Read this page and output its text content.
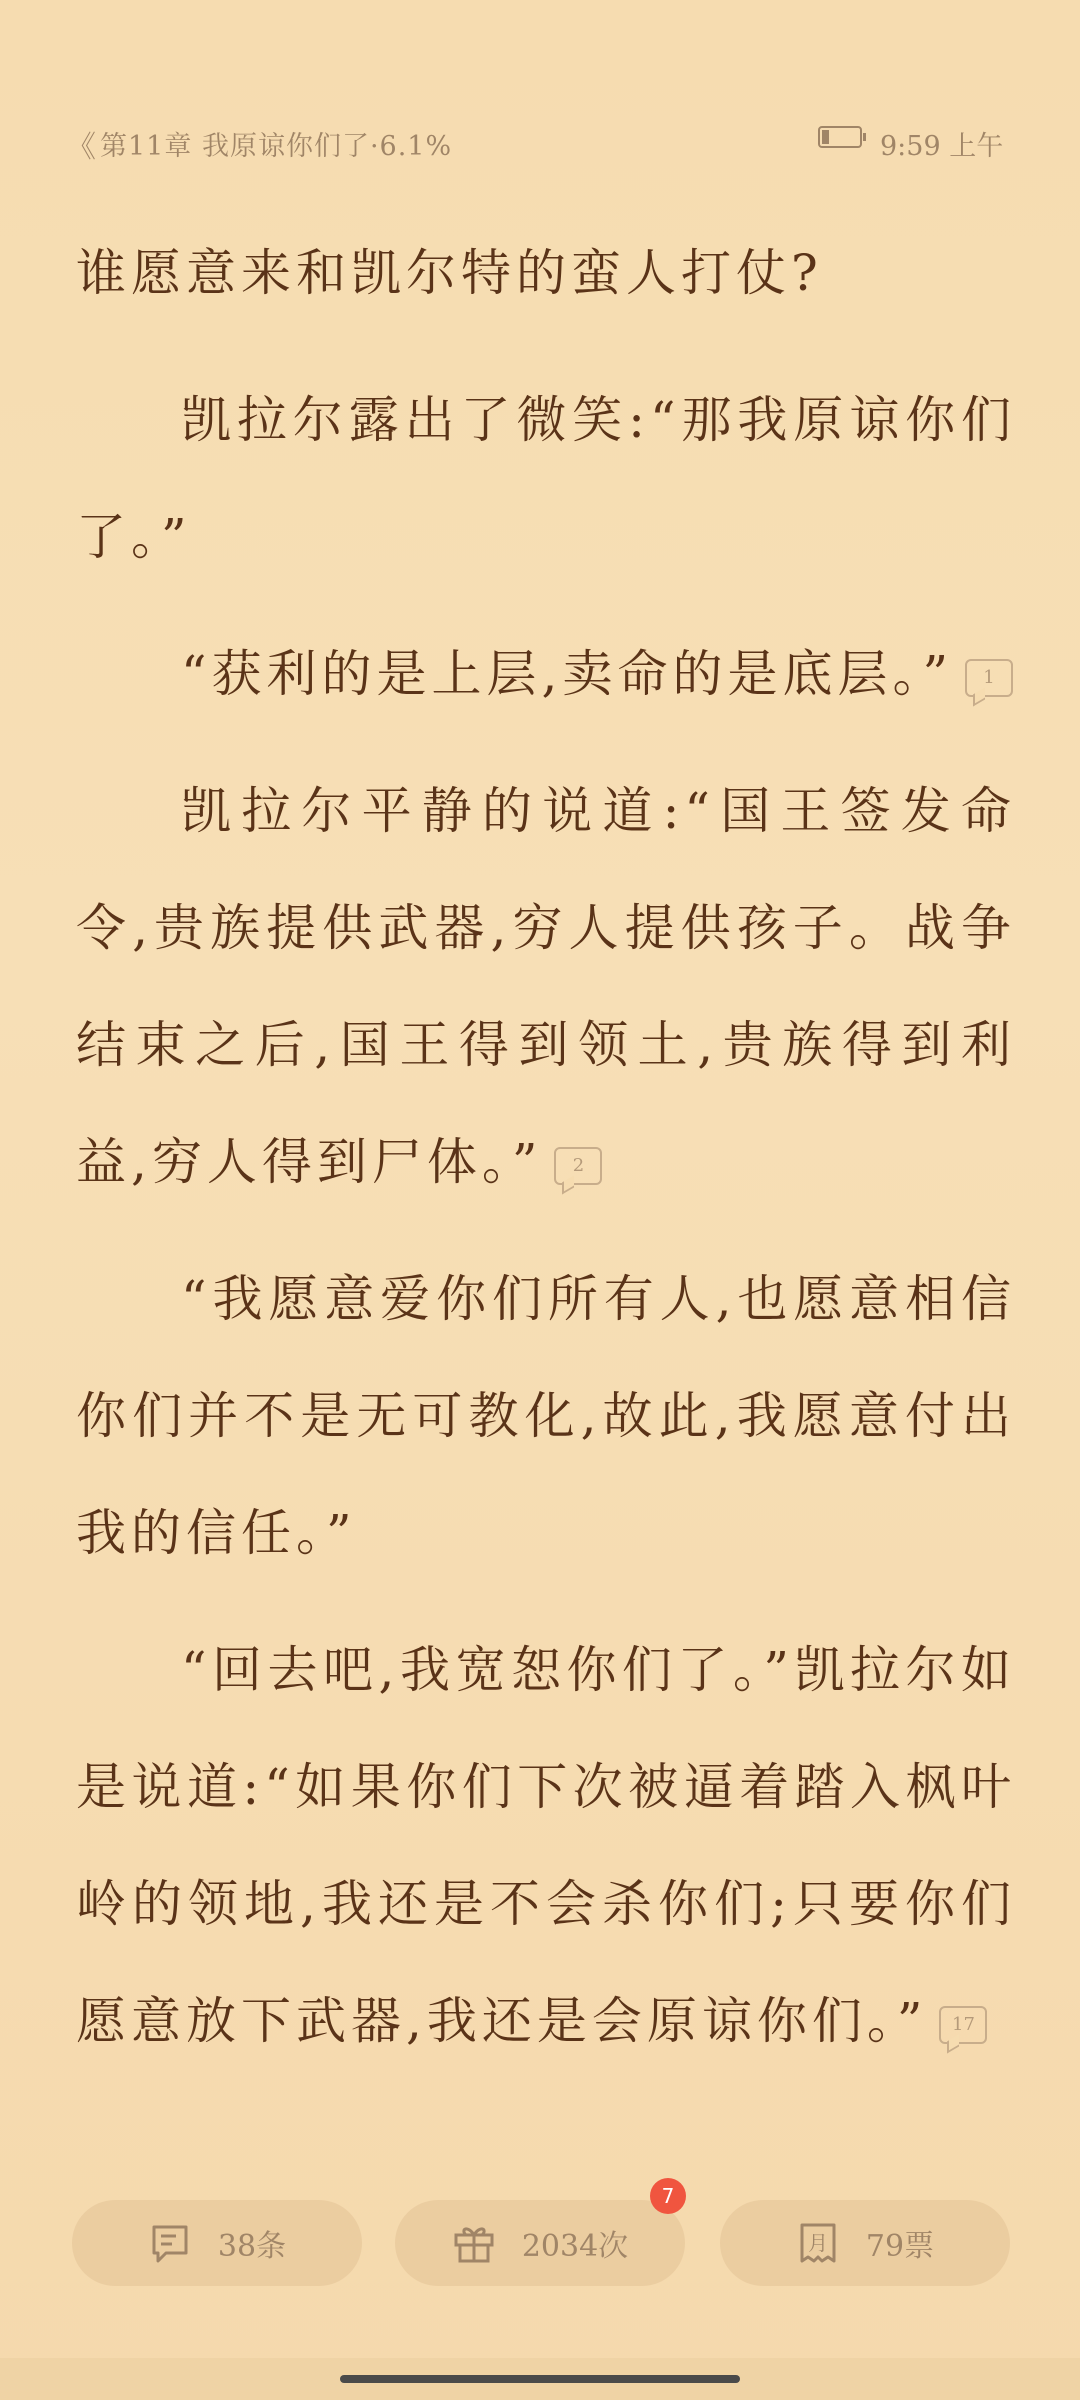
《 第11章 我原谅你们了·6.1%	9:59 上午

谁愿意来和凯尔特的蛮人打仗?

凯拉尔露出了微笑:“那我原谅你们了。”

“获利的是上层,卖命的是底层。” 1

凯拉尔平静的说道:“国王签发命令,贵族提供武器,穷人提供孩子。战争结束之后,国王得到领土,贵族得到利益,穷人得到尸体。” 2

“我愿意爱你们所有人,也愿意相信你们并不是无可教化,故此,我愿意付出我的信任。”

“回去吧,我宽恕你们了。”凯拉尔如是说道:“如果你们下次被逼着踏入枫叶岭的领地,我还是不会杀你们;只要你们愿意放下武器,我还是会原谅你们。” 17

38条	2034次
7
月 79票
